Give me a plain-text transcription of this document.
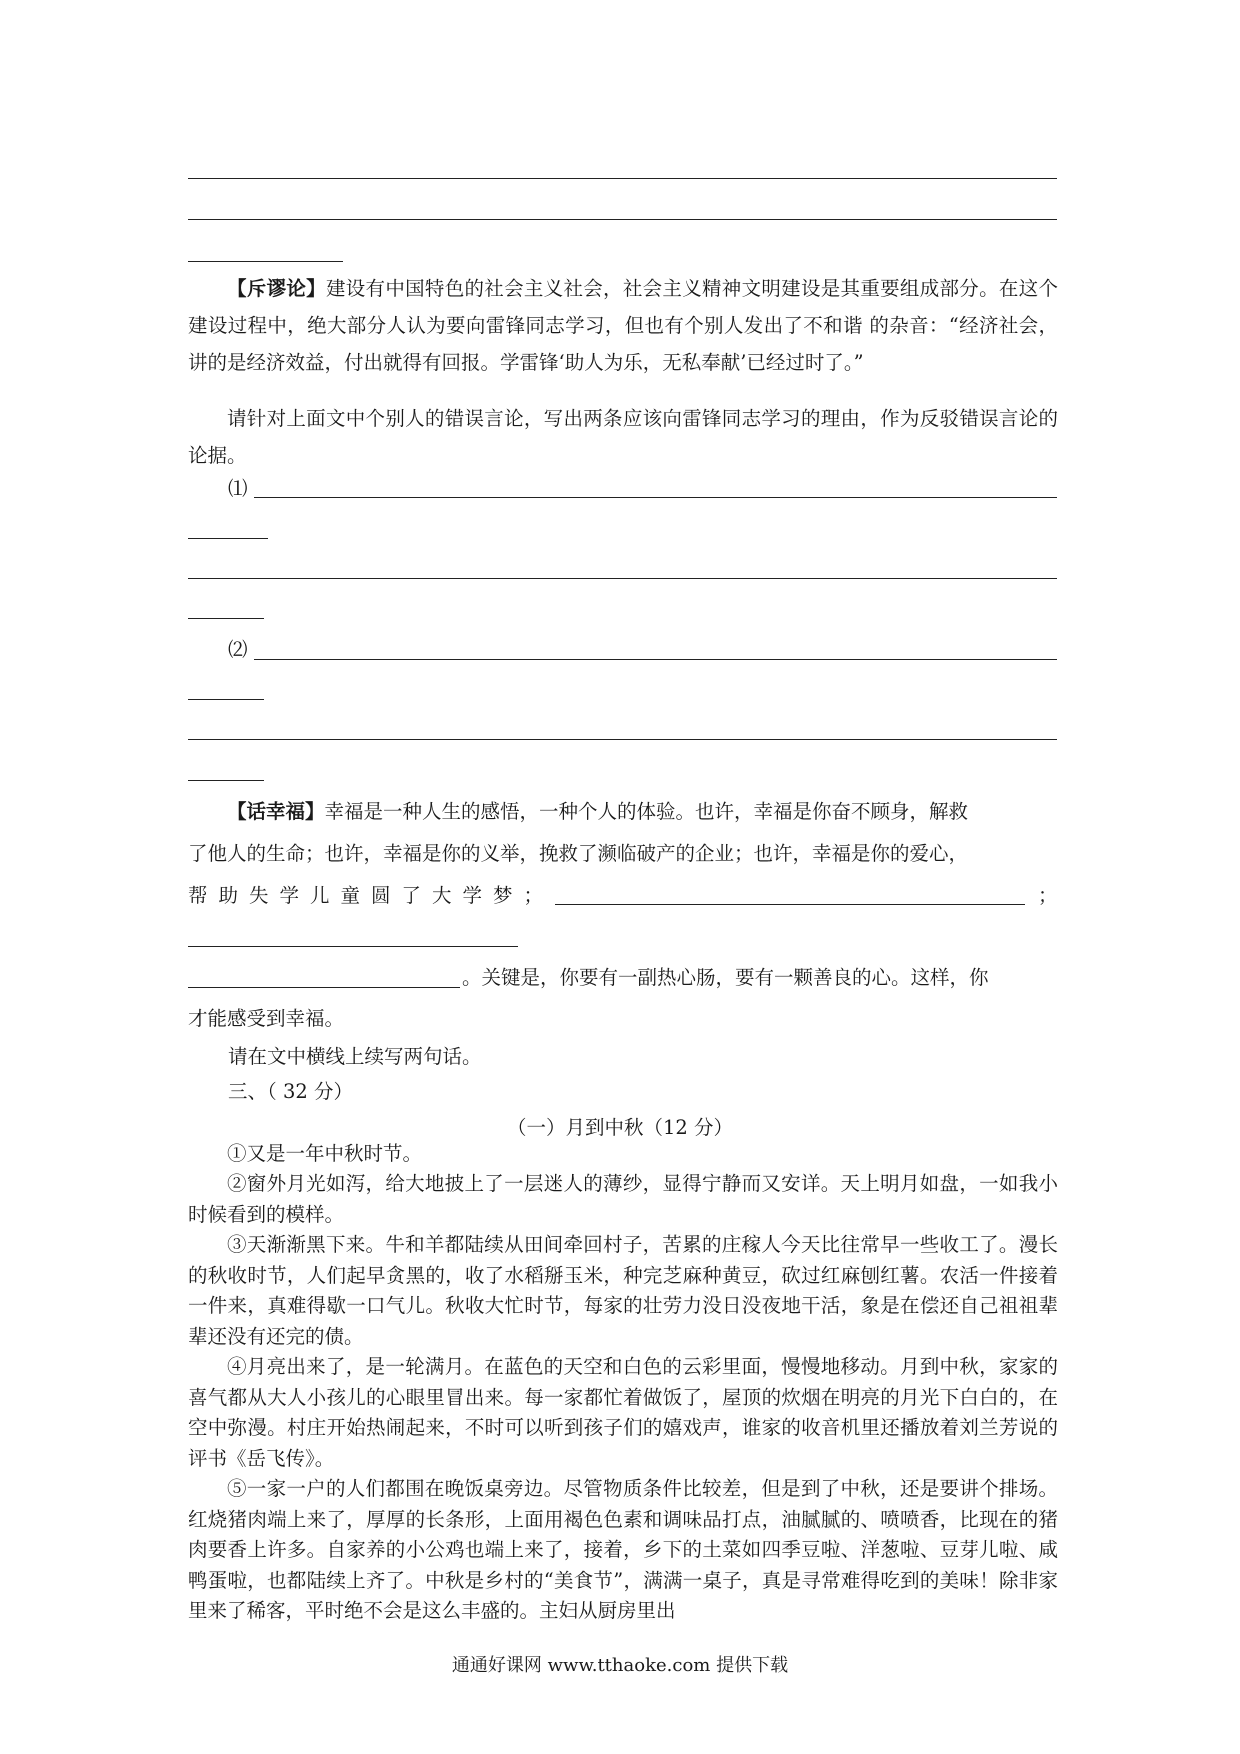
【斥谬论】建设有中国特色的社会主义社会，社会主义精神文明建设是其重要组成部分。在这个建设过程中，绝大部分人认为要向雷锋同志学习，但也有个别人发出了不和谐 的杂音：“经济社会，讲的是经济效益，付出就得有回报。学雷锋‘助人为乐，无私奉献’已经过时了。”
请针对上面文中个别人的错误言论，写出两条应该向雷锋同志学习的理由，作为反驳错误言论的论据。
⑴
⑵
【话幸福】幸福是一种人生的感悟，一种个人的体验。也许，幸福是你奋不顾身，解救
了他人的生命；也许，幸福是你的义举，挽救了濒临破产的企业；也许，幸福是你的爱心，
帮助失学儿童圆了大学梦；	；
。关键是，你要有一副热心肠，要有一颗善良的心。这样，你
才能感受到幸福。
请在文中横线上续写两句话。
三、（ 32 分）
（一）月到中秋（12 分）
①又是一年中秋时节。
②窗外月光如泻，给大地披上了一层迷人的薄纱，显得宁静而又安详。天上明月如盘，一如我小时候看到的模样。
③天渐渐黑下来。牛和羊都陆续从田间牵回村子，苦累的庄稼人今天比往常早一些收工了。漫长的秋收时节，人们起早贪黑的，收了水稻掰玉米，种完芝麻种黄豆，砍过红麻刨红薯。农活一件接着一件来，真难得歇一口气儿。秋收大忙时节，每家的壮劳力没日没夜地干活，象是在偿还自己祖祖辈辈还没有还完的债。
④月亮出来了，是一轮满月。在蓝色的天空和白色的云彩里面，慢慢地移动。月到中秋，家家的喜气都从大人小孩儿的心眼里冒出来。每一家都忙着做饭了，屋顶的炊烟在明亮的月光下白白的，在空中弥漫。村庄开始热闹起来，不时可以听到孩子们的嬉戏声，谁家的收音机里还播放着刘兰芳说的评书《岳飞传》。
⑤一家一户的人们都围在晚饭桌旁边。尽管物质条件比较差，但是到了中秋，还是要讲个排场。红烧猪肉端上来了，厚厚的长条形，上面用褐色色素和调味品打点，油腻腻的、喷喷香，比现在的猪肉要香上许多。自家养的小公鸡也端上来了，接着，乡下的土菜如四季豆啦、洋葱啦、豆芽儿啦、咸鸭蛋啦，也都陆续上齐了。中秋是乡村的“美食节”，满满一桌子，真是寻常难得吃到的美味！除非家里来了稀客，平时绝不会是这么丰盛的。主妇从厨房里出
通通好课网 www.tthaoke.com 提供下载
